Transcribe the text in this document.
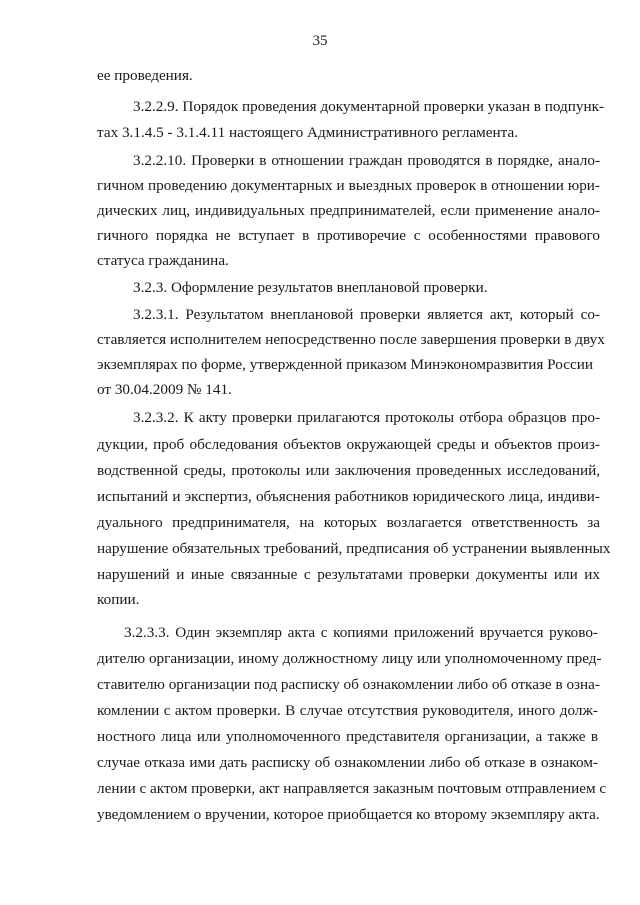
35
ее проведения.
3.2.2.9. Порядок проведения документарной проверки указан в подпунк-
тах 3.1.4.5 - 3.1.4.11 настоящего Административного регламента.
3.2.2.10. Проверки в отношении граждан проводятся в порядке, анало-
гичном проведению документарных и выездных проверок в отношении юри-
дических лиц, индивидуальных предпринимателей, если применение анало-
гичного порядка не вступает в противоречие с особенностями правового
статуса гражданина.
3.2.3. Оформление результатов внеплановой проверки.
3.2.3.1. Результатом внеплановой проверки является акт, который со-
ставляется исполнителем непосредственно после завершения проверки в двух
экземплярах по форме, утвержденной приказом Минэкономразвития России
от 30.04.2009 № 141.
3.2.3.2. К акту проверки прилагаются протоколы отбора образцов про-
дукции, проб обследования объектов окружающей среды и объектов произ-
водственной среды, протоколы или заключения проведенных исследований,
испытаний и экспертиз, объяснения работников юридического лица, индиви-
дуального предпринимателя, на которых возлагается ответственность за
нарушение обязательных требований, предписания об устранении выявленных
нарушений и иные связанные с результатами проверки документы или их
копии.
3.2.3.3. Один экземпляр акта с копиями приложений вручается руково-
дителю организации, иному должностному лицу или уполномоченному пред-
ставителю организации под расписку об ознакомлении либо об отказе в озна-
комлении с актом проверки. В случае отсутствия руководителя, иного долж-
ностного лица или уполномоченного представителя организации, а также в
случае отказа ими дать расписку об ознакомлении либо об отказе в ознаком-
лении с актом проверки, акт направляется заказным почтовым отправлением с
уведомлением о вручении, которое приобщается ко второму экземпляру акта.
